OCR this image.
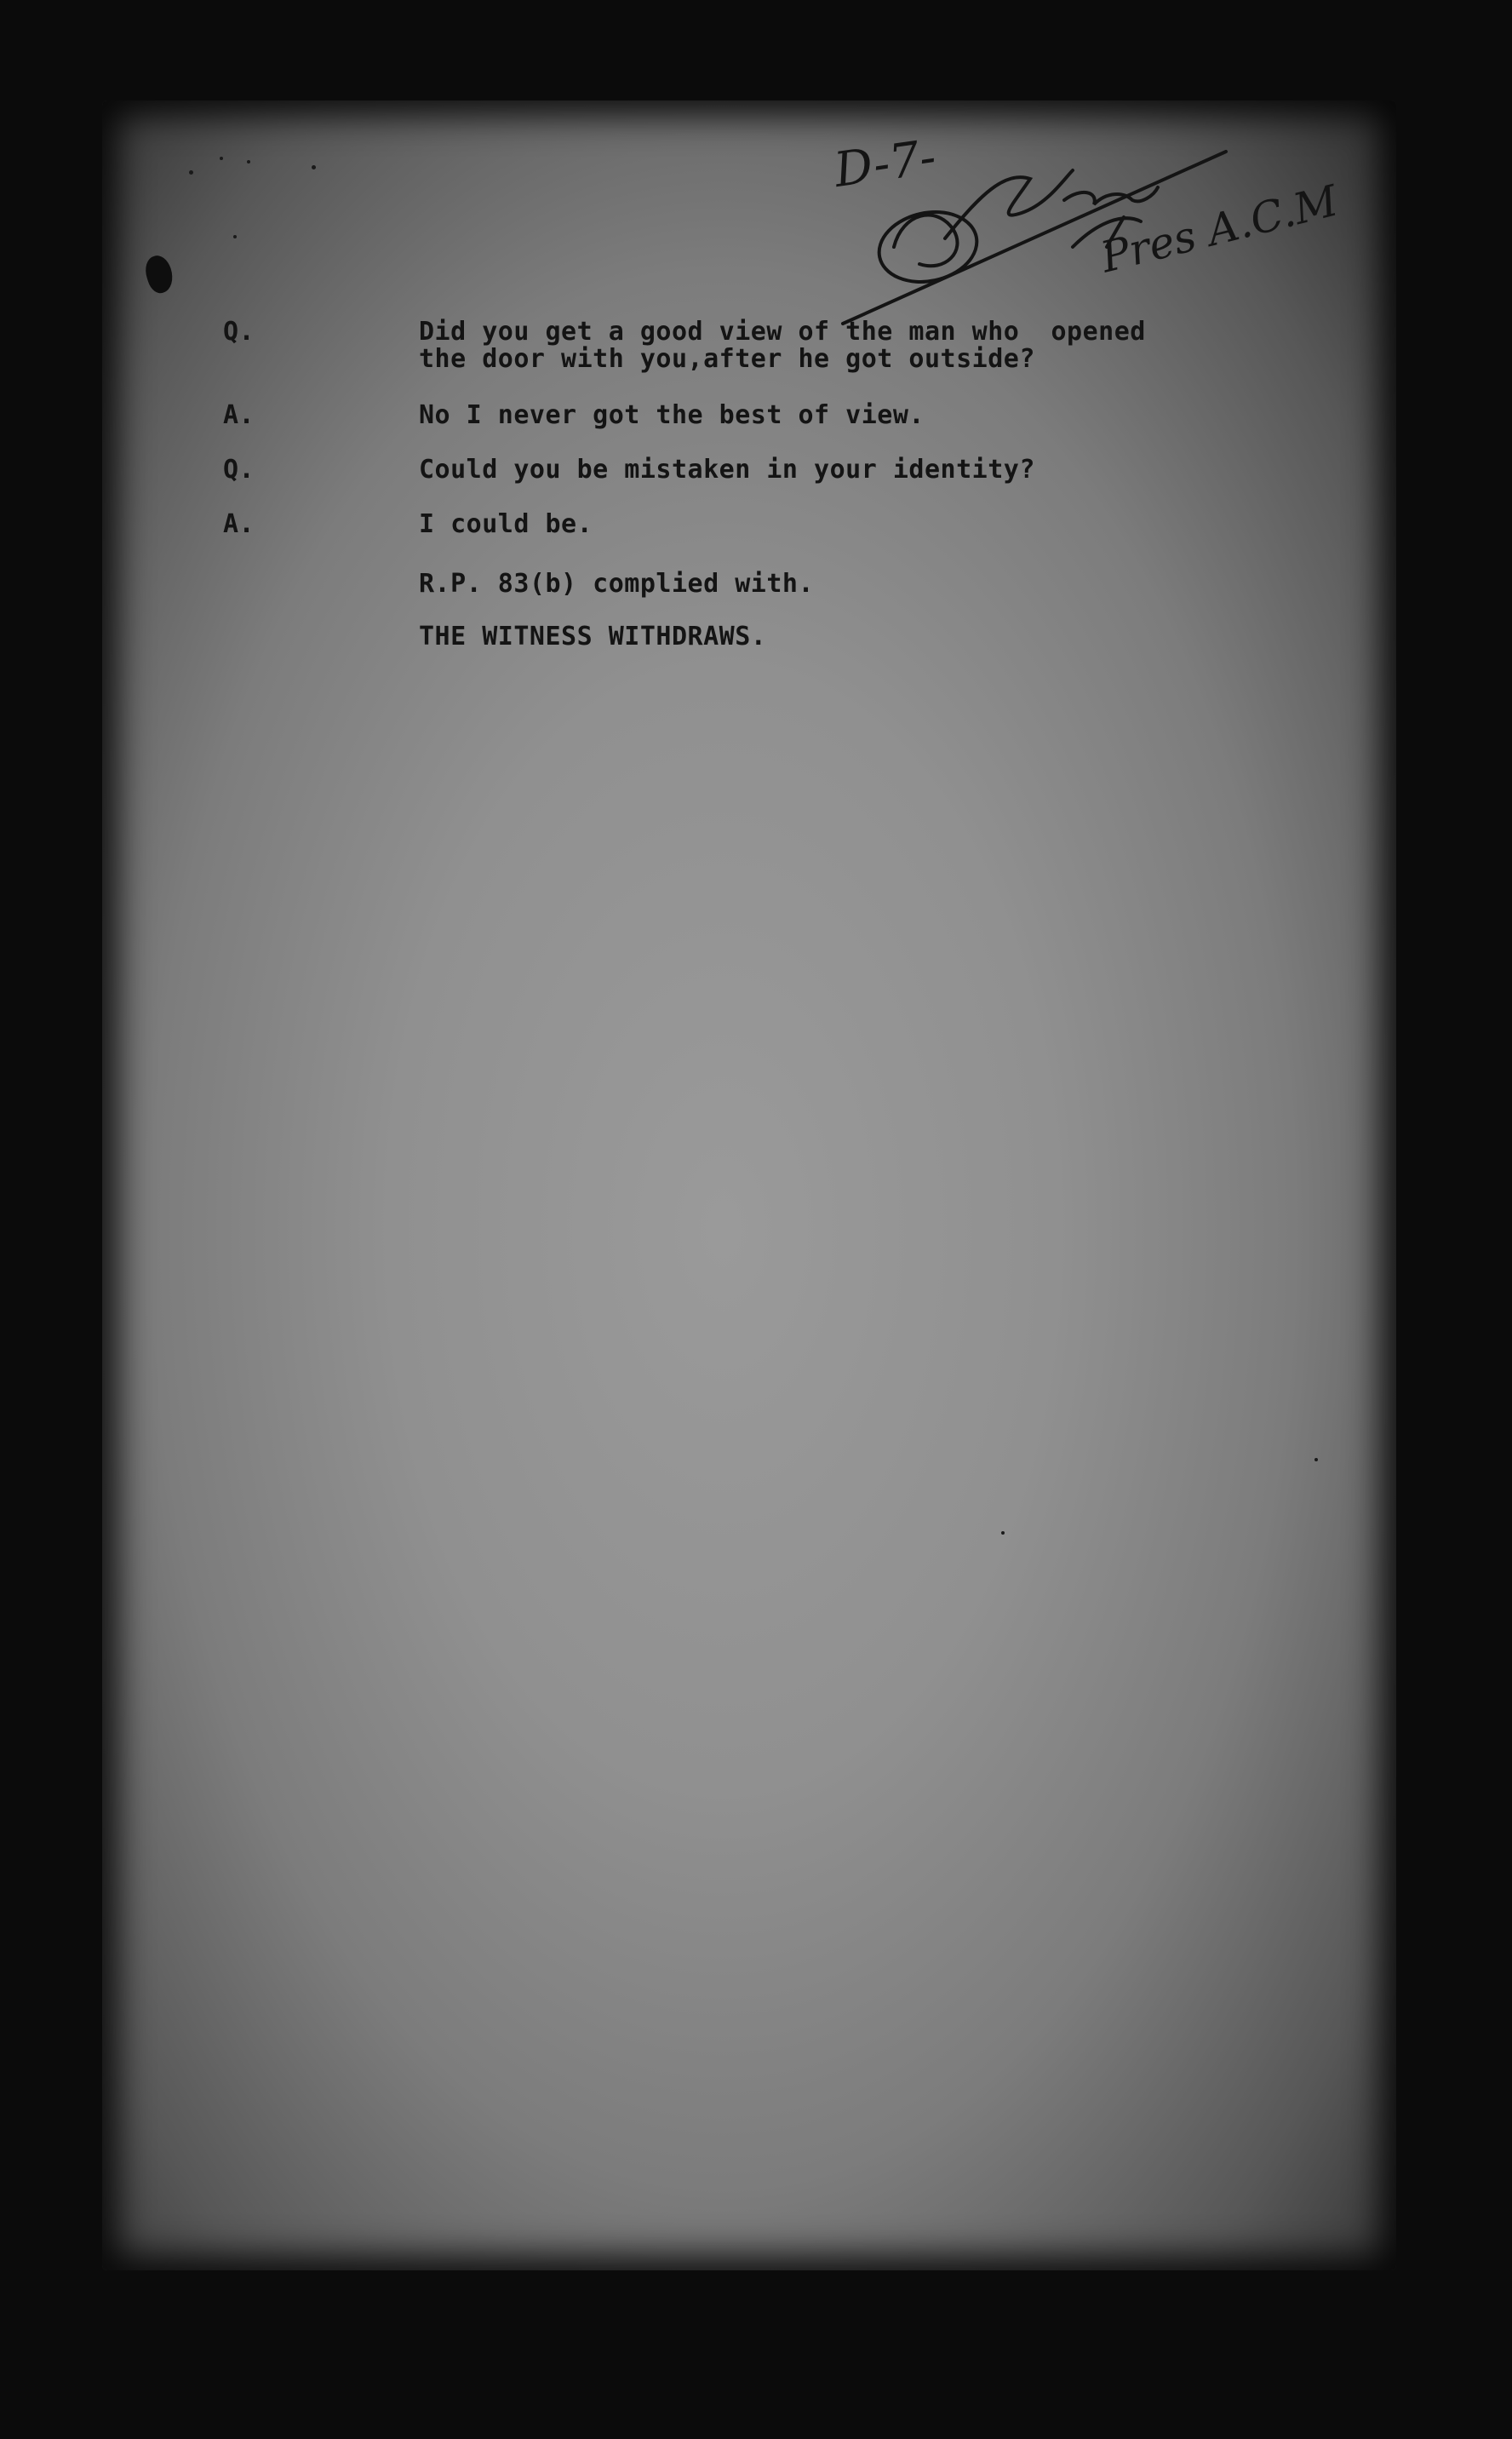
D-7-
Pres A.C.M
Q.	Did you get a good view of the man who  opened
the door with you,after he got outside?
A.	No I never got the best of view.
Q.	Could you be mistaken in your identity?
A.	I could be.
R.P. 83(b) complied with.
THE WITNESS WITHDRAWS.
